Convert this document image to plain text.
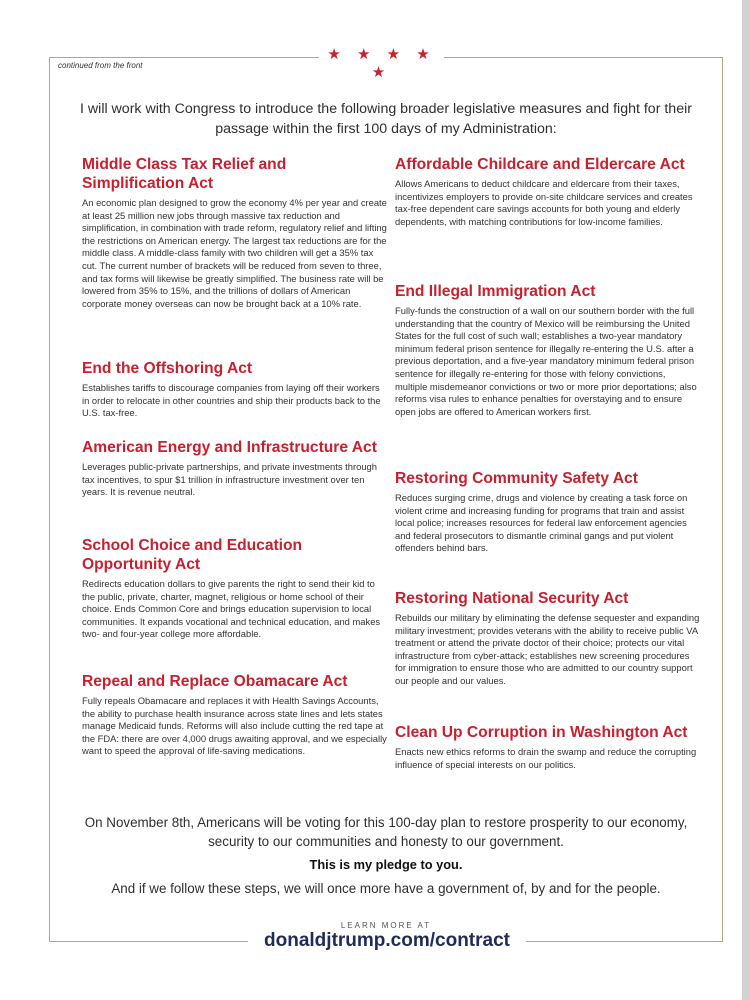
★ ★ ★ ★ ★
continued from the front
I will work with Congress to introduce the following broader legislative measures and fight for their passage within the first 100 days of my Administration:
Middle Class Tax Relief and Simplification Act

An economic plan designed to grow the economy 4% per year and create at least 25 million new jobs through massive tax reduction and simplification, in combination with trade reform, regulatory relief and lifting the restrictions on American energy. The largest tax reductions are for the middle class. A middle-class family with two children will get a 35% tax cut. The current number of brackets will be reduced from seven to three, and tax forms will likewise be greatly simplified. The business rate will be lowered from 35% to 15%, and the trillions of dollars of American corporate money overseas can now be brought back at a 10% rate.

End the Offshoring Act

Establishes tariffs to discourage companies from laying off their workers in order to relocate in other countries and ship their products back to the U.S. tax-free.

American Energy and Infrastructure Act

Leverages public-private partnerships, and private investments through tax incentives, to spur $1 trillion in infrastructure investment over ten years. It is revenue neutral.

School Choice and Education Opportunity Act

Redirects education dollars to give parents the right to send their kid to the public, private, charter, magnet, religious or home school of their choice. Ends Common Core and brings education supervision to local communities. It expands vocational and technical education, and makes two- and four-year college more affordable.

Repeal and Replace Obamacare Act

Fully repeals Obamacare and replaces it with Health Savings Accounts, the ability to purchase health insurance across state lines and lets states manage Medicaid funds. Reforms will also include cutting the red tape at the FDA: there are over 4,000 drugs awaiting approval, and we especially want to speed the approval of life-saving medications.

Affordable Childcare and Eldercare Act

Allows Americans to deduct childcare and eldercare from their taxes, incentivizes employers to provide on-site childcare services and creates tax-free dependent care savings accounts for both young and elderly dependents, with matching contributions for low-income families.

End Illegal Immigration Act

Fully-funds the construction of a wall on our southern border with the full understanding that the country of Mexico will be reimbursing the United States for the full cost of such wall; establishes a two-year mandatory minimum federal prison sentence for illegally re-entering the U.S. after a previous deportation, and a five-year mandatory minimum federal prison sentence for illegally re-entering for those with felony convictions, multiple misdemeanor convictions or two or more prior deportations; also reforms visa rules to enhance penalties for overstaying and to ensure open jobs are offered to American workers first.

Restoring Community Safety Act

Reduces surging crime, drugs and violence by creating a task force on violent crime and increasing funding for programs that train and assist local police; increases resources for federal law enforcement agencies and federal prosecutors to dismantle criminal gangs and put violent offenders behind bars.

Restoring National Security Act

Rebuilds our military by eliminating the defense sequester and expanding military investment; provides veterans with the ability to receive public VA treatment or attend the private doctor of their choice; protects our vital infrastructure from cyber-attack; establishes new screening procedures for immigration to ensure those who are admitted to our country support our people and our values.

Clean Up Corruption in Washington Act

Enacts new ethics reforms to drain the swamp and reduce the corrupting influence of special interests on our politics.

On November 8th, Americans will be voting for this 100-day plan to restore prosperity to our economy, security to our communities and honesty to our government.
This is my pledge to you.
And if we follow these steps, we will once more have a government of, by and for the people.
LEARN MORE AT
donaldjtrump.com/contract
